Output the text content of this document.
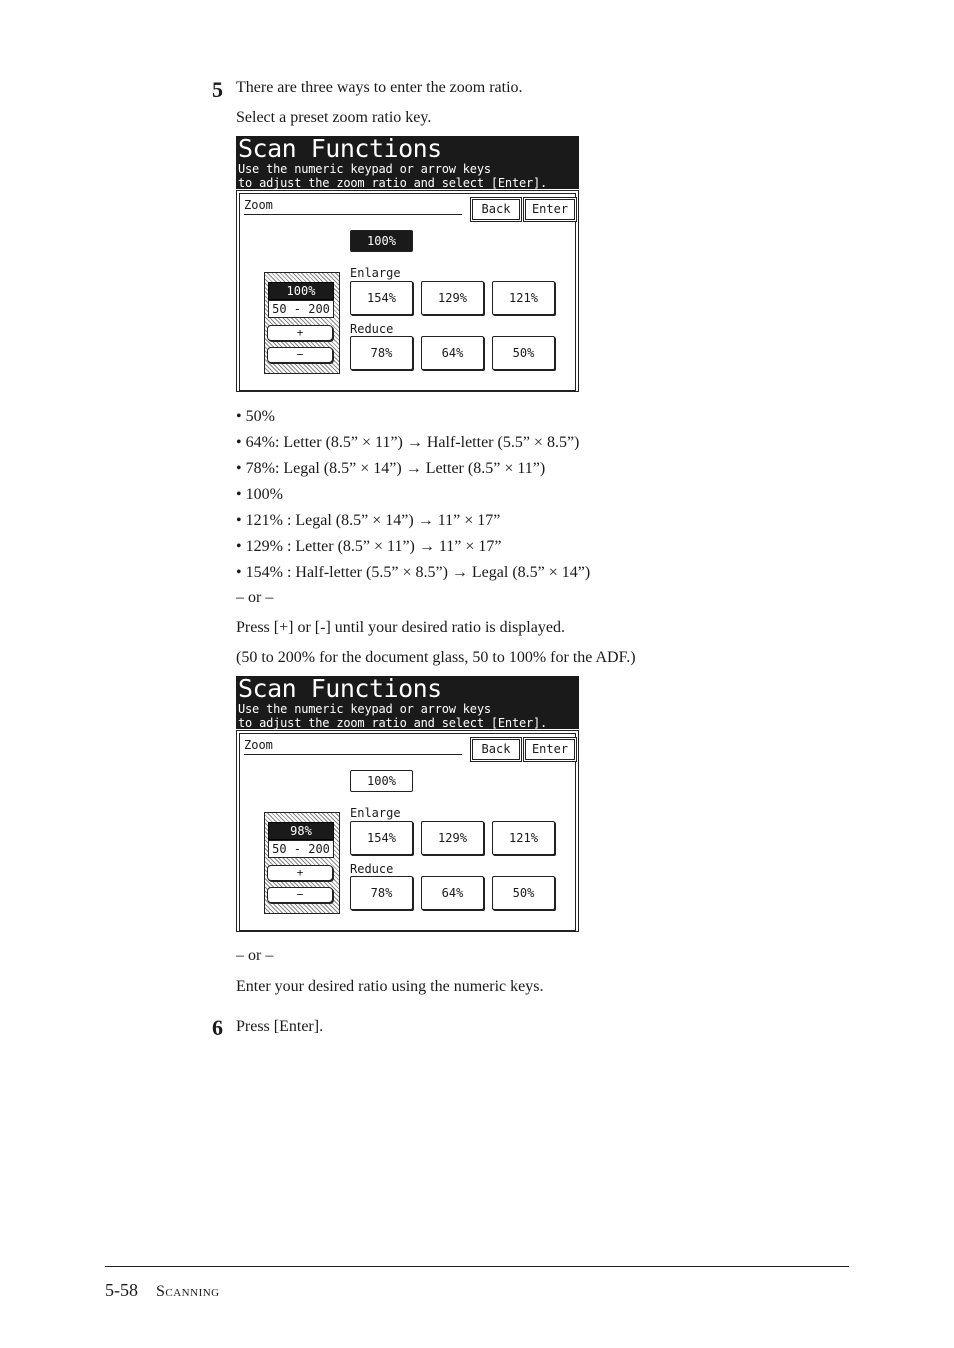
5 There are three ways to enter the zoom ratio.
Select a preset zoom ratio key.
Scan Functions
Use the numeric keypad or arrow keys
to adjust the zoom ratio and select [Enter].
Zoom	Back	Enter
100%
100%
50 - 200
+
−
Enlarge
154%	129%	121%
Reduce
78%	64%	50%
• 50%
• 64%: Letter (8.5” × 11”) → Half-letter (5.5” × 8.5”)
• 78%: Legal (8.5” × 14”) → Letter (8.5” × 11”)
• 100%
• 121% : Legal (8.5” × 14”) → 11” × 17”
• 129% : Letter (8.5” × 11”) → 11” × 17”
• 154% : Half-letter (5.5” × 8.5”) → Legal (8.5” × 14”)
– or –
Press [+] or [-] until your desired ratio is displayed.
(50 to 200% for the document glass, 50 to 100% for the ADF.)
Scan Functions
Use the numeric keypad or arrow keys
to adjust the zoom ratio and select [Enter].
Zoom	Back	Enter
100%
98%
50 - 200
+
−
Enlarge
154%	129%	121%
Reduce
78%	64%	50%
– or –
Enter your desired ratio using the numeric keys.
6 Press [Enter].
5-58 Scanning
